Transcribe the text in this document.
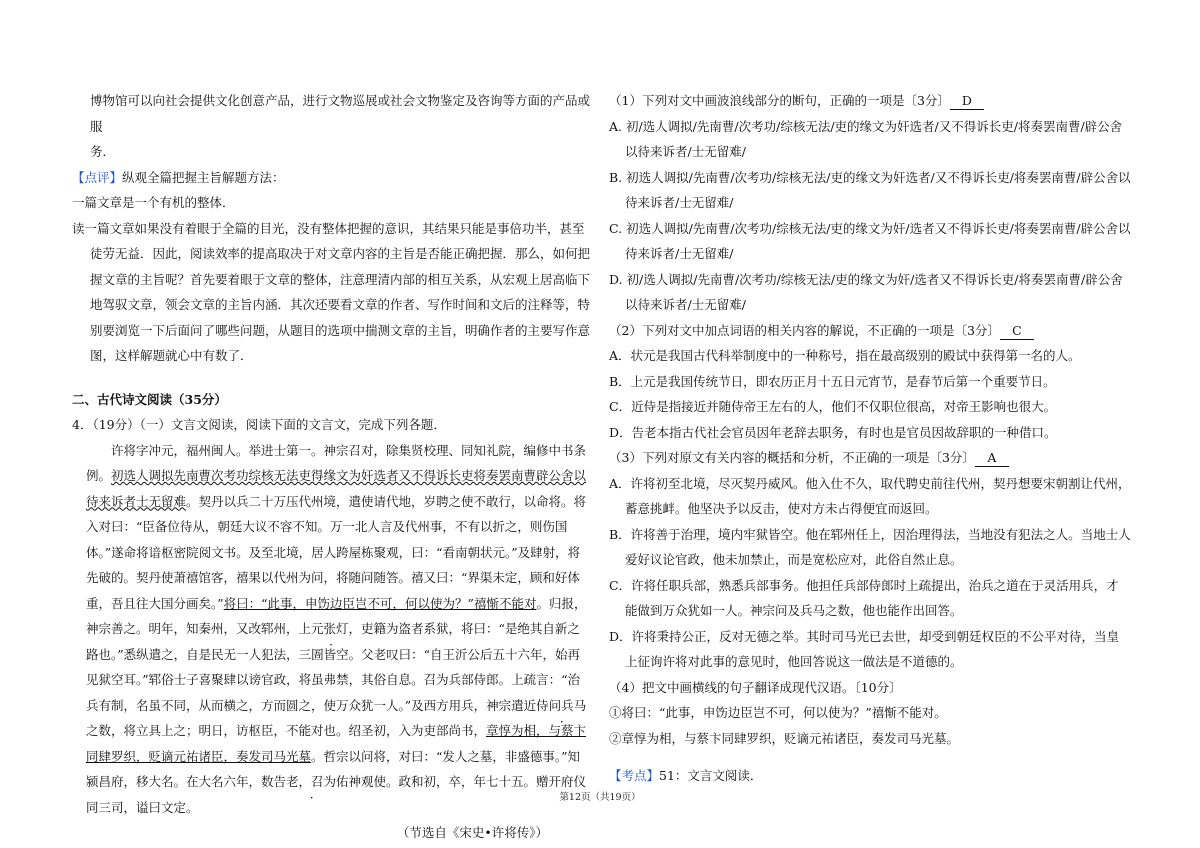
博物馆可以向社会提供文化创意产品，进行文物巡展或社会文物鉴定及咨询等方面的产品或服

务．

【点评】纵观全篇把握主旨解题方法：

一篇文章是一个有机的整体．

读一篇文章如果没有着眼于全篇的目光，没有整体把握的意识，其结果只能是事倍功半，甚至徒劳无益．因此，阅读效率的提高取决于对文章内容的主旨是否能正确把握．那么，如何把握文章的主旨呢？首先要着眼于文章的整体，注意理清内部的相互关系，从宏观上居高临下地驾驭文章，领会文章的主旨内涵．其次还要看文章的作者、写作时间和文后的注释等，特别要浏览一下后面问了哪些问题，从题目的选项中揣测文章的主旨，明确作者的主要写作意图，这样解题就心中有数了．

二、古代诗文阅读（35分）

4．（19分）（一）文言文阅读，阅读下面的文言文，完成下列各题．

许将字冲元，福州闽人。举进士第一。神宗召对，除集贤校理、同知礼院，编修中书条例。初选人调拟先南曹次考功综核无法吏得缘文为奸选者又不得诉长吏将奏罢南曹辟公舍以待来诉者士无留难。契丹以兵二十万压代州境，遣使请代地，岁聘之使不敢行，以命将。将入对曰：“臣备位待从，朝廷大议不容不知。万一北人言及代州事，不有以折之，则伤国体。”遂命将谙枢密院阅文书。及至北境，居人跨屋栋聚观，曰：“看南朝状元。”及肆射，将先破的。契丹使萧禧馆客，禧果以代州为问，将随问随答。禧又曰：“界渠未定，顾和好体重，吾且往大国分画矣。”将曰：“此事，申饬边臣岂不可，何以使为？”禧惭不能对。归报，神宗善之。明年，知秦州，又改郓州，上 ·元张灯，吏籍为盗者系狱，将曰：“是绝其自新之路也。”悉纵遣之，自是民无一人犯法，三圄皆空。父老叹曰：“自王沂公后五十六年，始再见狱空耳。”郓俗士子喜聚肆以谤官政，将虽弗禁，其俗自息。召为兵部侍郎。上疏言：“治兵有制，名虽不同，从而横之，方而圆之，使万众犹一人。”及西方用兵，神宗遣近侍 ·问兵马之数，将立具上之；明日，访枢臣，不能对也。绍圣初，入为吏部尚书，章惇为相，与蔡卞同肆罗织，贬谪元祐诸臣，奏发司马光墓。哲宗以问将，对曰：“发人之墓，非盛德事。”知颍昌府，移大名。在大名六年，数告老 ·，召为佑神观使。政和初，卒，年七十五。赠开府仪同三司，谥曰文定。

（节选自《宋史•许将传》）

（1）下列对文中画波浪线部分的断句，正确的一项是〔3分〕 D

A. 初/选人调拟/先南曹/次考功/综核无法/吏的缘文为奸选者/又不得诉长吏/将奏罢南曹/辟公舍以待来诉者/士无留难/

B. 初选人调拟/先南曹/次考功/综核无法/吏的缘文为奸选者/又不得诉长吏/将奏罢南曹/辟公舍以待来诉者/士无留难/

C. 初选人调拟/先南曹/次考功/综核无法/吏的缘文为奸/选者又不得诉长吏/将奏罢南曹/辟公舍以待来诉者/士无留难/

D. 初/选人调拟/先南曹/次考功/综核无法/吏的缘文为奸/选者又不得诉长吏/将奏罢南曹/辟公舍以待来诉者/士无留难/

（2）下列对文中加点词语的相关内容的解说，不正确的一项是〔3分〕 C

A．状元是我国古代科举制度中的一种称号，指在最高级别的殿试中获得第一名的人。

B．上元是我国传统节日，即农历正月十五日元宵节，是春节后第一个重要节日。

C．近侍是指接近并随侍帝王左右的人，他们不仅职位很高，对帝王影响也很大。

D．告老本指古代社会官员因年老辞去职务，有时也是官员因故辞职的一种借口。

（3）下列对原文有关内容的概括和分析，不正确的一项是〔3分〕 A

A．许将初至北境，尽灭契丹威风。他入仕不久，取代聘史前往代州，契丹想要宋朝割让代州，蓄意挑衅。他坚决予以反击，使对方未占得便宜而返回。

B．许将善于治理，境内牢狱皆空。他在郓州任上，因治理得法，当地没有犯法之人。当地士人爱好议论官政，他未加禁止，而是宽松应对，此俗自然止息。

C．许将任职兵部，熟悉兵部事务。他担任兵部侍郎时上疏提出，治兵之道在于灵活用兵，才能做到万众犹如一人。神宗问及兵马之数，他也能作出回答。

D．许将秉持公正，反对无德之举。其时司马光已去世，却受到朝廷权臣的不公平对待，当皇上征询许将对此事的意见时，他回答说这一做法是不道德的。

（4）把文中画横线的句子翻译成现代汉语。〔10分〕

①将曰：“此事，申饬边臣岂不可，何以使为？”禧惭不能对。

②章惇为相，与蔡卞同肆罗织，贬谪元祐诸臣，奏发司马光墓。

【考点】51：文言文阅读．

第12页（共19页）
